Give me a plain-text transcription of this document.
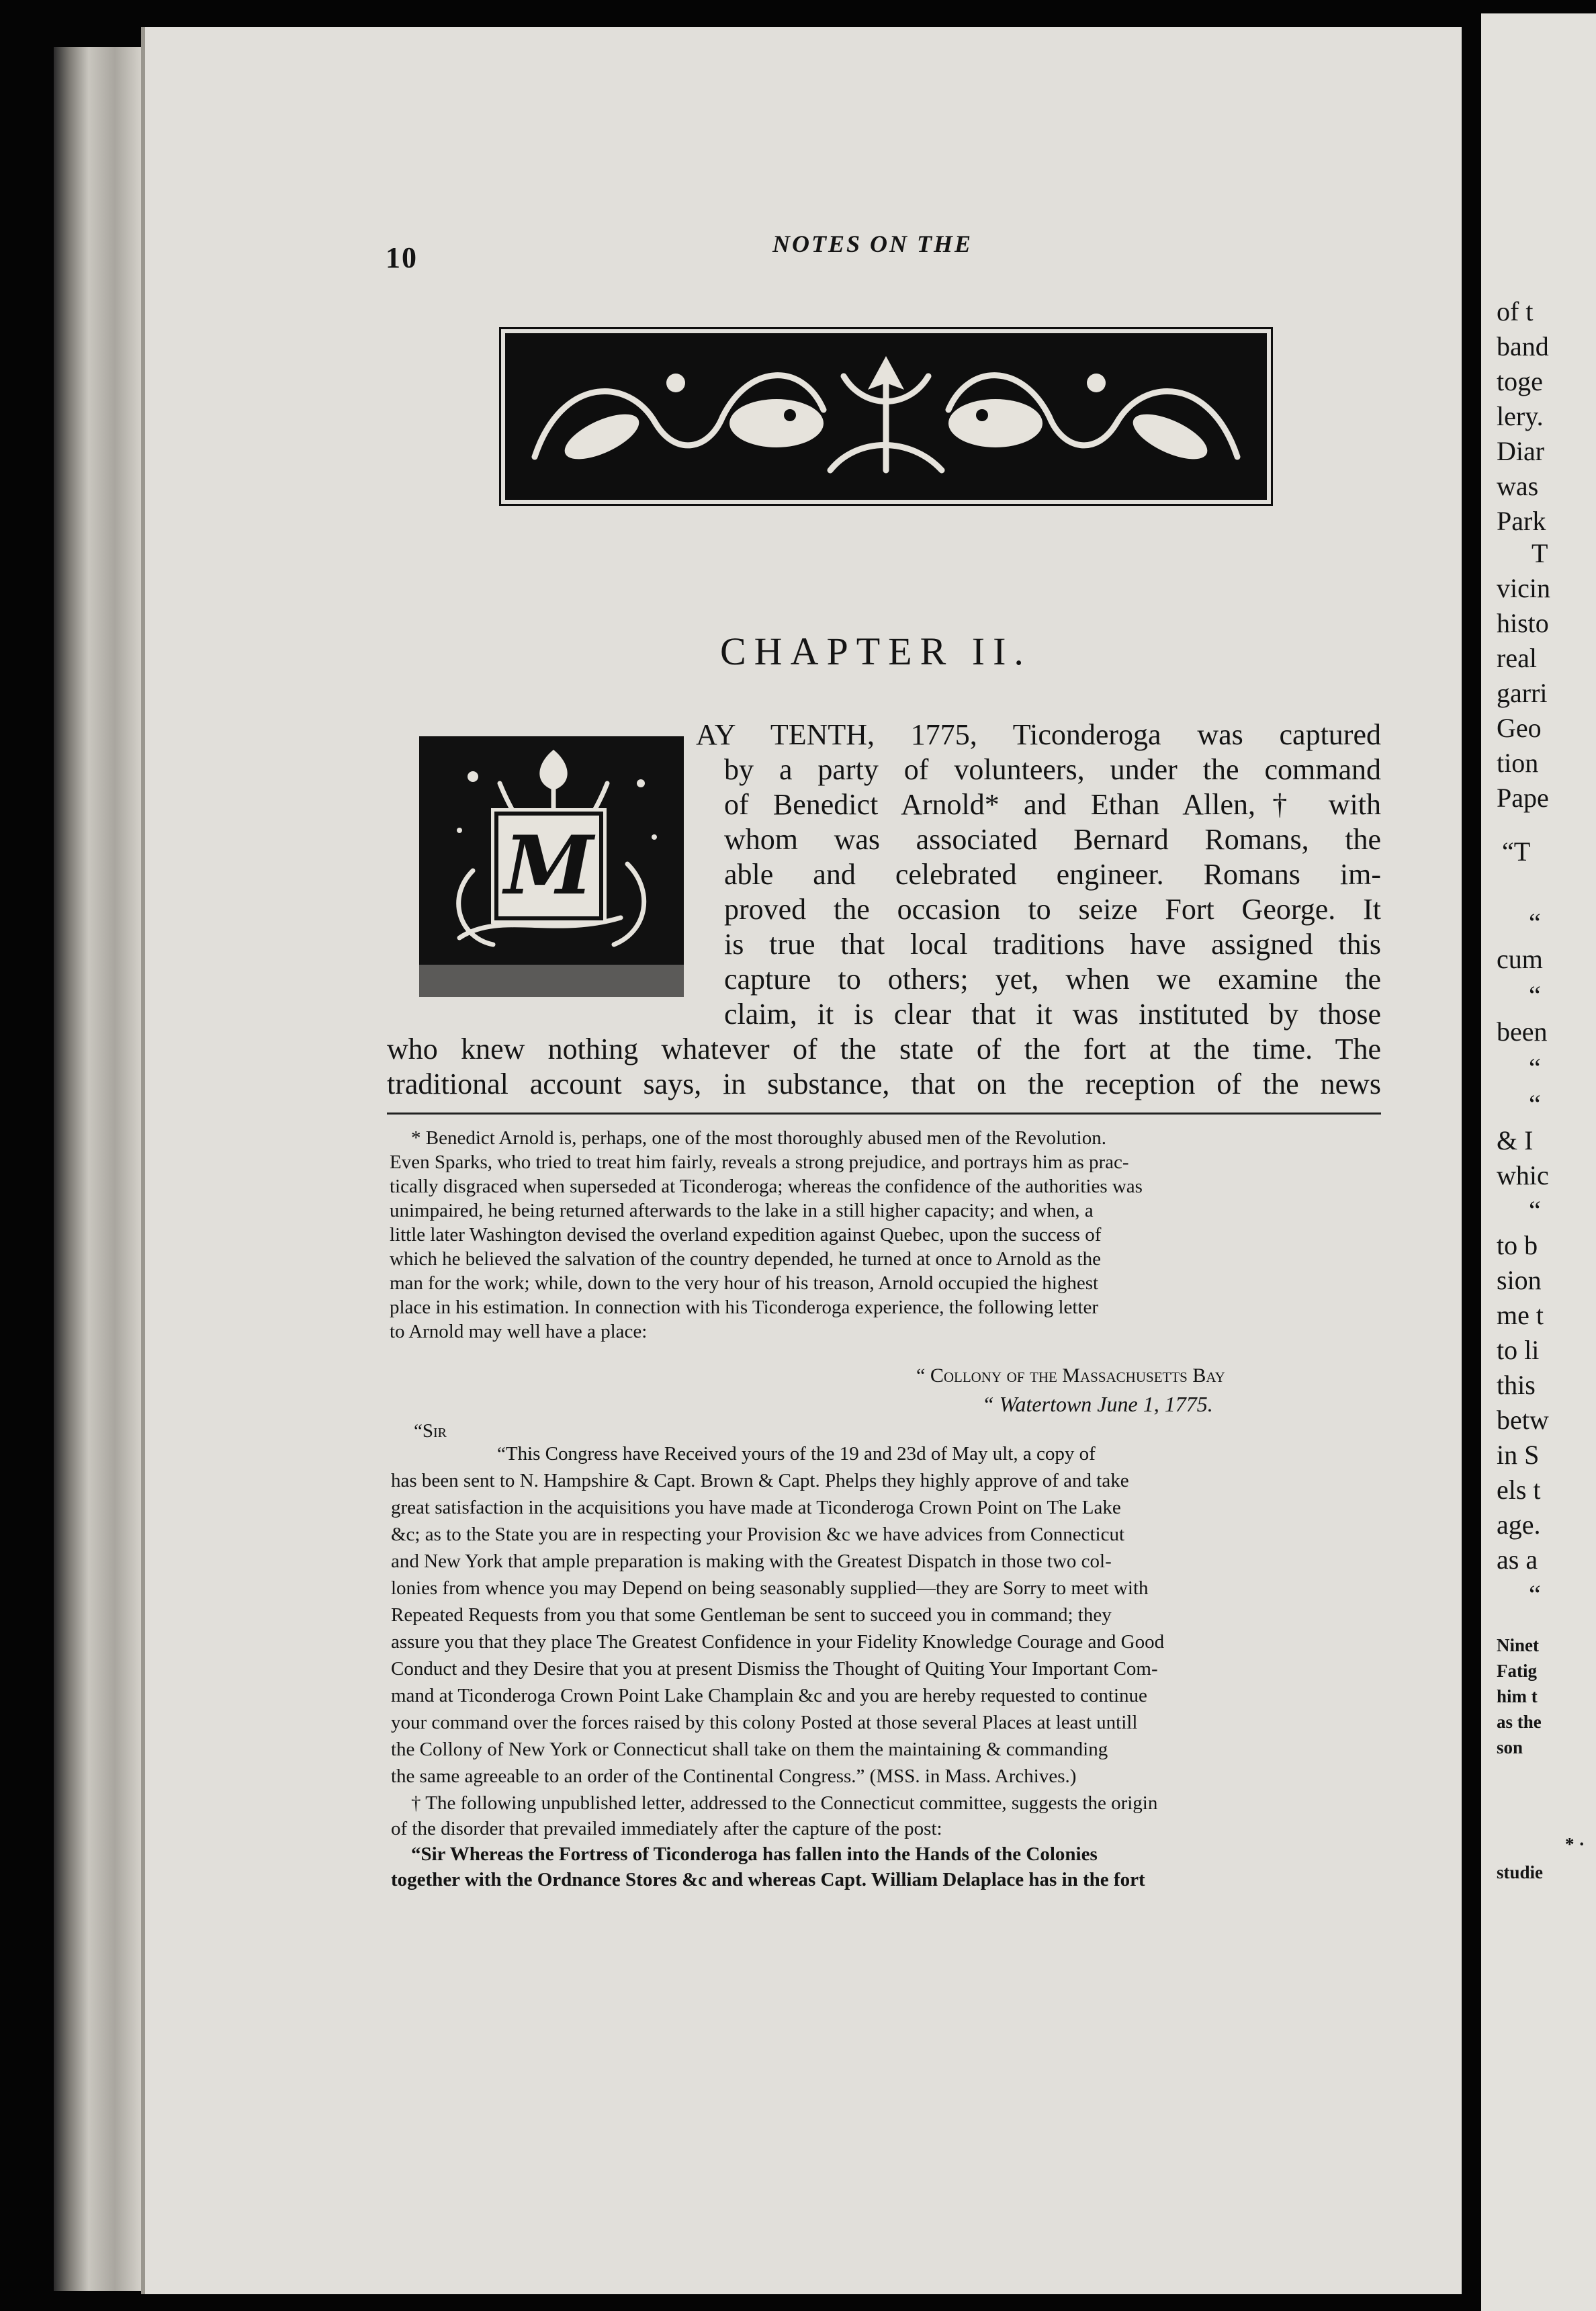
10	NOTES ON THE
CHAPTER II.
M
AY TENTH, 1775, Ticonderoga was captured
by a party of volunteers, under the command
of Benedict Arnold* and Ethan Allen,† with
whom was associated Bernard Romans, the
able and celebrated engineer. Romans im-
proved the occasion to seize Fort George. It
is true that local traditions have assigned this
capture to others; yet, when we examine the
claim, it is clear that it was instituted by those
who knew nothing whatever of the state of the fort at the time. The
traditional account says, in substance, that on the reception of the news
* Benedict Arnold is, perhaps, one of the most thoroughly abused men of the Revolution.
Even Sparks, who tried to treat him fairly, reveals a strong prejudice, and portrays him as prac-
tically disgraced when superseded at Ticonderoga; whereas the confidence of the authorities was
unimpaired, he being returned afterwards to the lake in a still higher capacity; and when, a
little later Washington devised the overland expedition against Quebec, upon the success of
which he believed the salvation of the country depended, he turned at once to Arnold as the
man for the work; while, down to the very hour of his treason, Arnold occupied the highest
place in his estimation. In connection with his Ticonderoga experience, the following letter
to Arnold may well have a place:
“ Collony of the Massachusetts Bay
“ Watertown June 1, 1775.
“Sir
“This Congress have Received yours of the 19 and 23d of May ult, a copy of
has been sent to N. Hampshire & Capt. Brown & Capt. Phelps they highly approve of and take
great satisfaction in the acquisitions you have made at Ticonderoga Crown Point on The Lake
&c; as to the State you are in respecting your Provision &c we have advices from Connecticut
and New York that ample preparation is making with the Greatest Dispatch in those two col-
lonies from whence you may Depend on being seasonably supplied—they are Sorry to meet with
Repeated Requests from you that some Gentleman be sent to succeed you in command; they
assure you that they place The Greatest Confidence in your Fidelity Knowledge Courage and Good
Conduct and they Desire that you at present Dismiss the Thought of Quiting Your Important Com-
mand at Ticonderoga Crown Point Lake Champlain &c and you are hereby requested to continue
your command over the forces raised by this colony Posted at those several Places at least untill
the Collony of New York or Connecticut shall take on them the maintaining & commanding
the same agreeable to an order of the Continental Congress.” (MSS. in Mass. Archives.)
† The following unpublished letter, addressed to the Connecticut committee, suggests the origin
of the disorder that prevailed immediately after the capture of the post:
“Sir Whereas the Fortress of Ticonderoga has fallen into the Hands of the Colonies
together with the Ordnance Stores &c and whereas Capt. William Delaplace has in the fort
of t
band
toge
lery.
Diar
was
Park
T
vicin
histo
real
garri
Geo
tion
Pape
“T
“
cum
“
been
“
“
& I
whic
“
to b
sion
me t
to li
this
betw
in S
els t
age.
as a
“
Ninet
Fatig
him t
as the
son
* ·
studie
